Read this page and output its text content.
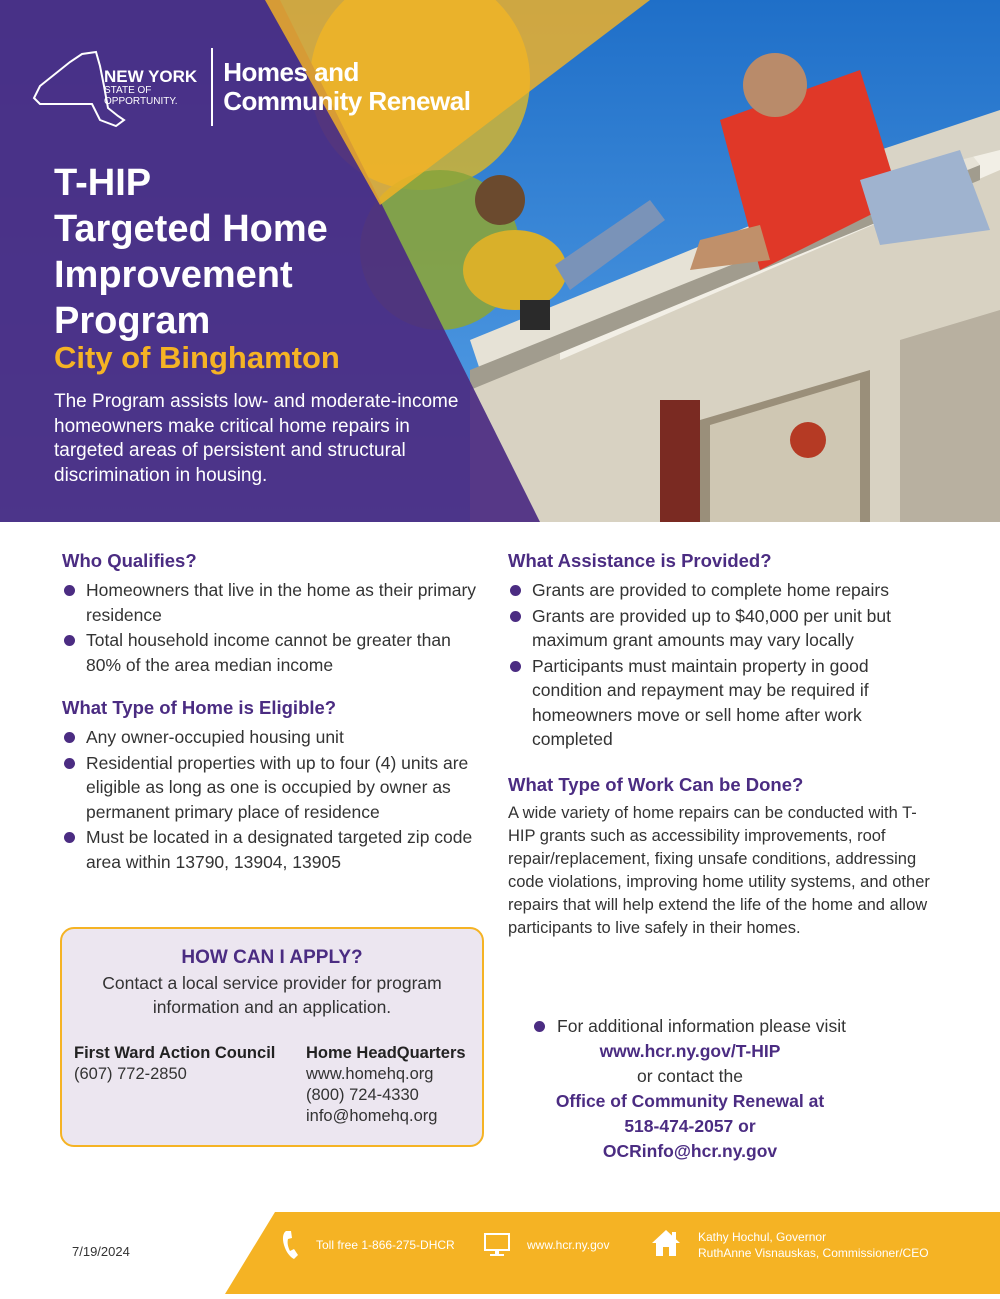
NEW YORK
STATE OF
OPPORTUNITY.
Homes and
Community Renewal
T-HIP
Targeted Home
Improvement
Program
City of Binghamton
The Program assists low- and moderate-income homeowners make critical home repairs in targeted areas of persistent and structural discrimination in housing.
Who Qualifies?
Homeowners that live in the home as their primary residence
Total household income cannot be greater than 80% of the area median income
What Type of Home is Eligible?
Any owner-occupied housing unit
Residential properties with up to four (4) units are eligible as long as one is occupied by owner as permanent primary place of residence
Must be located in a designated targeted zip code area within 13790, 13904, 13905
What Assistance is Provided?
Grants are provided to complete home repairs
Grants are provided up to $40,000 per unit but maximum grant amounts may vary locally
Participants must maintain property in good condition and repayment may be required if homeowners move or sell home after work completed
What Type of Work Can be Done?
A wide variety of home repairs can be conducted with T-HIP grants such as accessibility improvements, roof repair/replacement, fixing unsafe conditions, addressing code violations, improving home utility systems, and other repairs that will help extend the life of the home and allow participants to live safely in their homes.
HOW CAN I APPLY?
Contact a local service provider for program information and an application.
First Ward Action Council
(607) 772-2850
Home HeadQuarters
www.homehq.org
(800) 724-4330
info@homehq.org
For additional information please visit
www.hcr.ny.gov/T-HIP
or contact the
Office of Community Renewal at
518-474-2057 or
OCRinfo@hcr.ny.gov
7/19/2024	Toll free 1-866-275-DHCR	www.hcr.ny.gov
Kathy Hochul, Governor
RuthAnne Visnauskas, Commissioner/CEO
